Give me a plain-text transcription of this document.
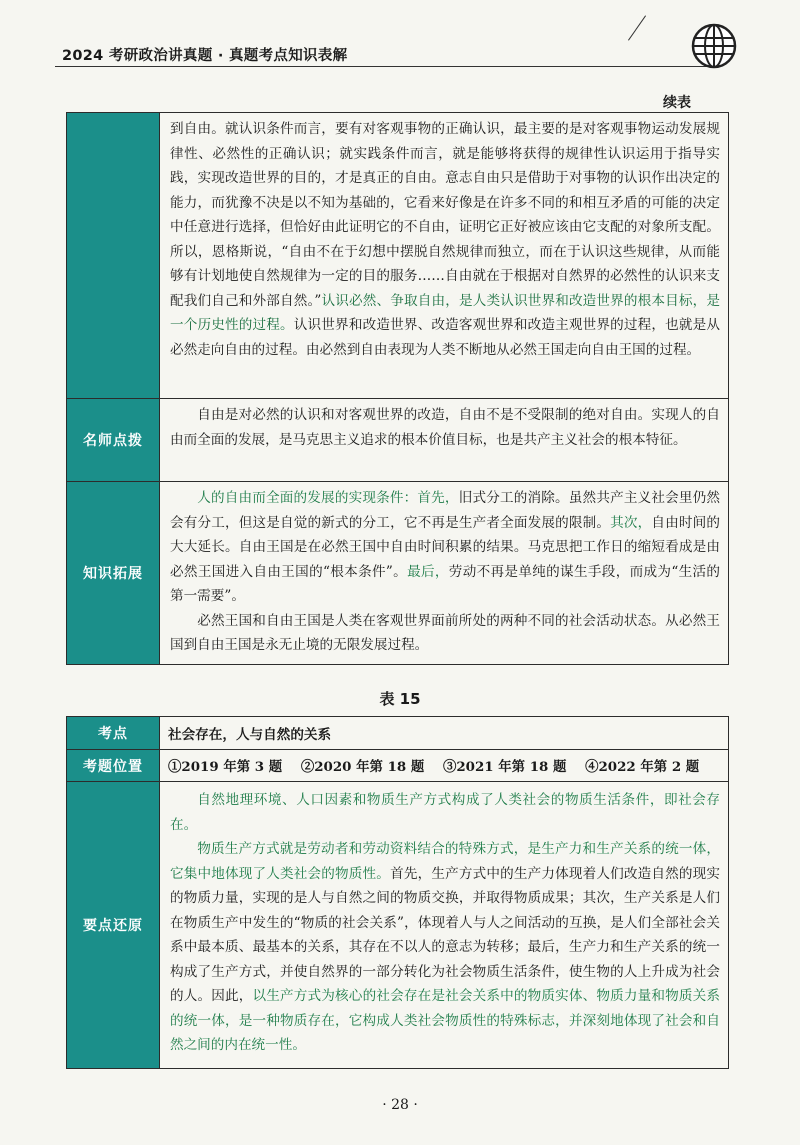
2024 考研政治讲真题 · 真题考点知识表解
续表

	到自由。就认识条件而言，要有对客观事物的正确认识，最主要的是对客观事物运动发展规律性、必然性的正确认识；就实践条件而言，就是能够将获得的规律性认识运用于指导实践，实现改造世界的目的，才是真正的自由。意志自由只是借助于对事物的认识作出决定的能力，而犹豫不决是以不知为基础的，它看来好像是在许多不同的和相互矛盾的可能的决定中任意进行选择，但恰好由此证明它的不自由，证明它正好被应该由它支配的对象所支配。所以，恩格斯说，“自由不在于幻想中摆脱自然规律而独立，而在于认识这些规律，从而能够有计划地使自然规律为一定的目的服务……自由就在于根据对自然界的必然性的认识来支配我们自己和外部自然。”认识必然、争取自由，是人类认识世界和改造世界的根本目标，是一个历史性的过程。认识世界和改造世界、改造客观世界和改造主观世界的过程，也就是从必然走向自由的过程。由必然到自由表现为人类不断地从必然王国走向自由王国的过程。

名师点拨	自由是对必然的认识和对客观世界的改造，自由不是不受限制的绝对自由。实现人的自由而全面的发展，是马克思主义追求的根本价值目标，也是共产主义社会的根本特征。

知识拓展	人的自由而全面的发展的实现条件：首先，旧式分工的消除。虽然共产主义社会里仍然会有分工，但这是自觉的新式的分工，它不再是生产者全面发展的限制。其次，自由时间的大大延长。自由王国是在必然王国中自由时间积累的结果。马克思把工作日的缩短看成是由必然王国进入自由王国的“根本条件”。最后，劳动不再是单纯的谋生手段，而成为“生活的第一需要”。

必然王国和自由王国是人类在客观世界面前所处的两种不同的社会活动状态。从必然王国到自由王国是永无止境的无限发展过程。

表 15
考点	社会存在，人与自然的关系
考题位置	①2019 年第 3 题 ②2020 年第 18 题 ③2021 年第 18 题 ④2022 年第 2 题
要点还原	自然地理环境、人口因素和物质生产方式构成了人类社会的物质生活条件，即社会存在。

物质生产方式就是劳动者和劳动资料结合的特殊方式，是生产力和生产关系的统一体，它集中地体现了人类社会的物质性。首先，生产方式中的生产力体现着人们改造自然的现实的物质力量，实现的是人与自然之间的物质交换，并取得物质成果；其次，生产关系是人们在物质生产中发生的“物质的社会关系”，体现着人与人之间活动的互换，是人们全部社会关系中最本质、最基本的关系，其存在不以人的意志为转移；最后，生产力和生产关系的统一构成了生产方式，并使自然界的一部分转化为社会物质生活条件，使生物的人上升成为社会的人。因此，以生产方式为核心的社会存在是社会关系中的物质实体、物质力量和物质关系的统一体，是一种物质存在，它构成人类社会物质性的特殊标志，并深刻地体现了社会和自然之间的内在统一性。

· 28 ·
